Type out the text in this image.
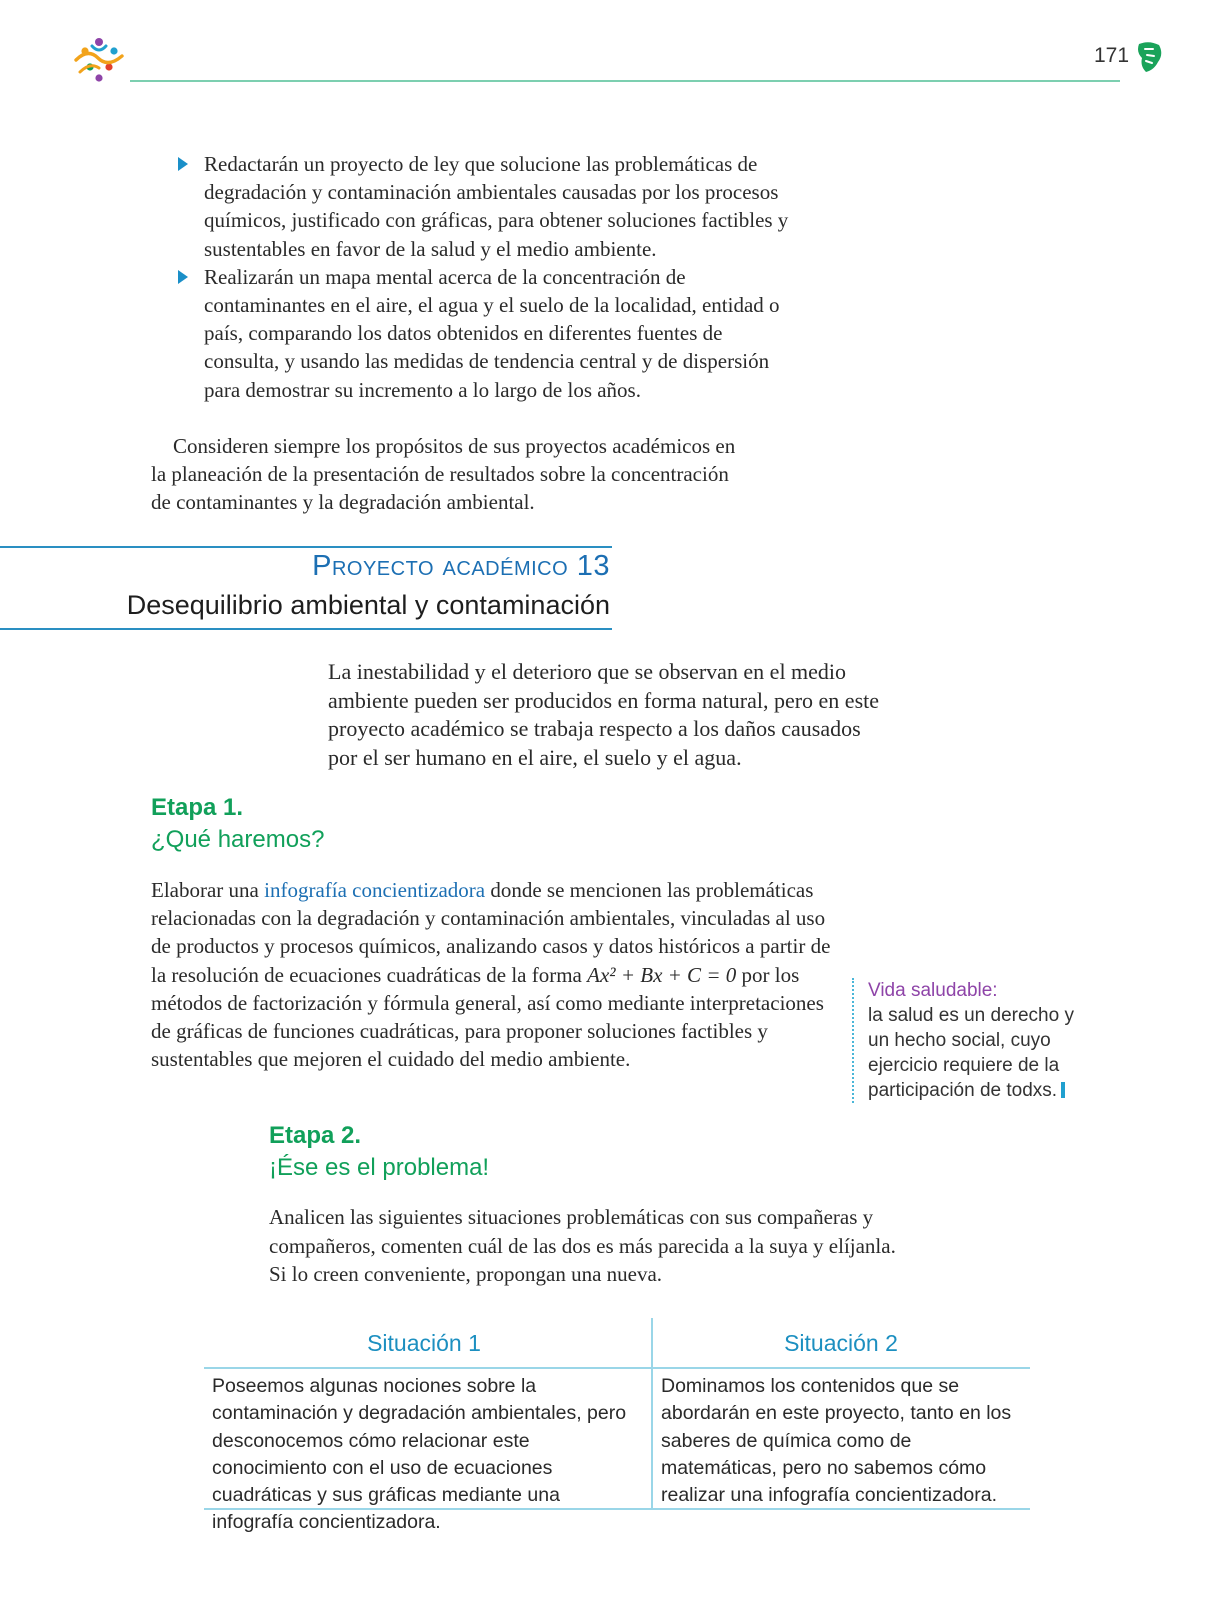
171
Redactarán un proyecto de ley que solucione las problemáticas de degradación y contaminación ambientales causadas por los procesos químicos, justificado con gráficas, para obtener soluciones factibles y sustentables en favor de la salud y el medio ambiente.
Realizarán un mapa mental acerca de la concentración de contaminantes en el aire, el agua y el suelo de la localidad, entidad o país, comparando los datos obtenidos en diferentes fuentes de consulta, y usando las medidas de tendencia central y de dispersión para demostrar su incremento a lo largo de los años.
Consideren siempre los propósitos de sus proyectos académicos en la planeación de la presentación de resultados sobre la concentración de contaminantes y la degradación ambiental.
Proyecto académico 13
Desequilibrio ambiental y contaminación
La inestabilidad y el deterioro que se observan en el medio ambiente pueden ser producidos en forma natural, pero en este proyecto académico se trabaja respecto a los daños causados por el ser humano en el aire, el suelo y el agua.
Etapa 1.
¿Qué haremos?
Elaborar una infografía concientizadora donde se mencionen las problemáticas relacionadas con la degradación y contaminación ambientales, vinculadas al uso de productos y procesos químicos, analizando casos y datos históricos a partir de la resolución de ecuaciones cuadráticas de la forma Ax² + Bx + C = 0 por los métodos de factorización y fórmula general, así como mediante interpretaciones de gráficas de funciones cuadráticas, para proponer soluciones factibles y sustentables que mejoren el cuidado del medio ambiente.
Vida saludable:
la salud es un derecho y un hecho social, cuyo ejercicio requiere de la participación de todxs.
Etapa 2.
¡Ése es el problema!
Analicen las siguientes situaciones problemáticas con sus compañeras y compañeros, comenten cuál de las dos es más parecida a la suya y elíjanla. Si lo creen conveniente, propongan una nueva.
Situación 1	Situación 2
Poseemos algunas nociones sobre la contaminación y degradación ambientales, pero desconocemos cómo relacionar este conocimiento con el uso de ecuaciones cuadráticas y sus gráficas mediante una infografía concientizadora.
Dominamos los contenidos que se abordarán en este proyecto, tanto en los saberes de química como de matemáticas, pero no sabemos cómo realizar una infografía concientizadora.
